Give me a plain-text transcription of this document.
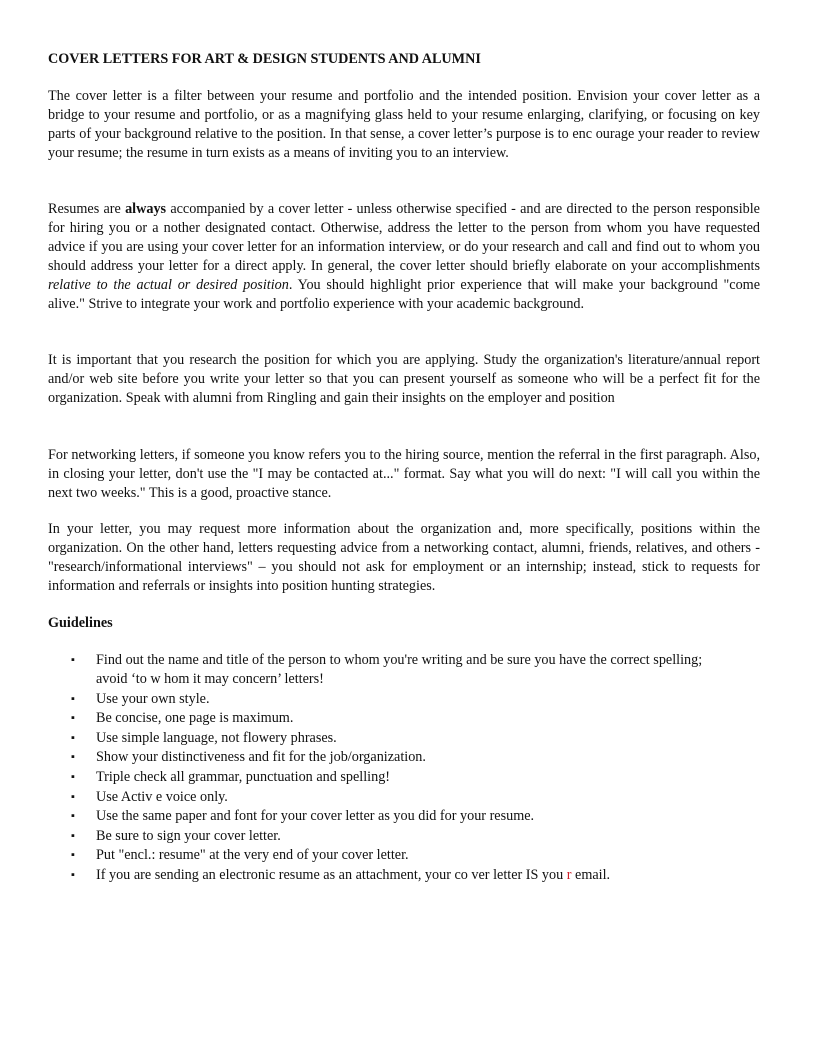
COVER LETTERS FOR ART & DESIGN STUDENTS AND ALUMNI

The cover letter is a filter between your resume and portfolio and the intended position. Envision your cover letter as a bridge to your resume and portfolio, or as a magnifying glass held to your resume enlarging, clarifying, or focusing on key parts of your background relative to the position. In that sense, a cover letter’s purpose is to enc ourage your reader to review your resume; the resume in turn exists as a means of inviting you to an interview.

Resumes are always accompanied by a cover letter - unless otherwise specified - and are directed to the person responsible for hiring you or a nother designated contact. Otherwise, address the letter to the person from whom you have requested advice if you are using your cover letter for an information interview, or do your research and call and find out to whom you should address your letter for a direct apply. In general, the cover letter should briefly elaborate on your accomplishments relative to the actual or desired position. You should highlight prior experience that will make your background "come alive." Strive to integrate your work and portfolio experience with your academic background.

It is important that you research the position for which you are applying. Study the organization's literature/annual report and/or web site before you write your letter so that you can present yourself as someone who will be a perfect fit for the organization. Speak with alumni from Ringling and gain their insights on the employer and position

For networking letters, if someone you know refers you to the hiring source, mention the referral in the first paragraph. Also, in closing your letter, don't use the "I may be contacted at..." format. Say what you will do next: "I will call you within the next two weeks." This is a good, proactive stance.

In your letter, you may request more information about the organization and, more specifically, positions within the organization. On the other hand, letters requesting advice from a networking contact, alumni, friends, relatives, and others - "research/informational interviews" – you should not ask for employment or an internship; instead, stick to requests for information and referrals or insights into position hunting strategies.

Guidelines
▪ Find out the name and title of the person to whom you're writing and be sure you have the correct spelling; avoid ‘to w hom it may concern’ letters!
▪ Use your own style.
▪ Be concise, one page is maximum.
▪ Use simple language, not flowery phrases.
▪ Show your distinctiveness and fit for the job/organization.
▪ Triple check all grammar, punctuation and spelling!
▪ Use Activ e voice only.
▪ Use the same paper and font for your cover letter as you did for your resume.
▪ Be sure to sign your cover letter.
▪ Put "encl.: resume" at the very end of your cover letter.
▪ If you are sending an electronic resume as an attachment, your co ver letter IS you r email.
